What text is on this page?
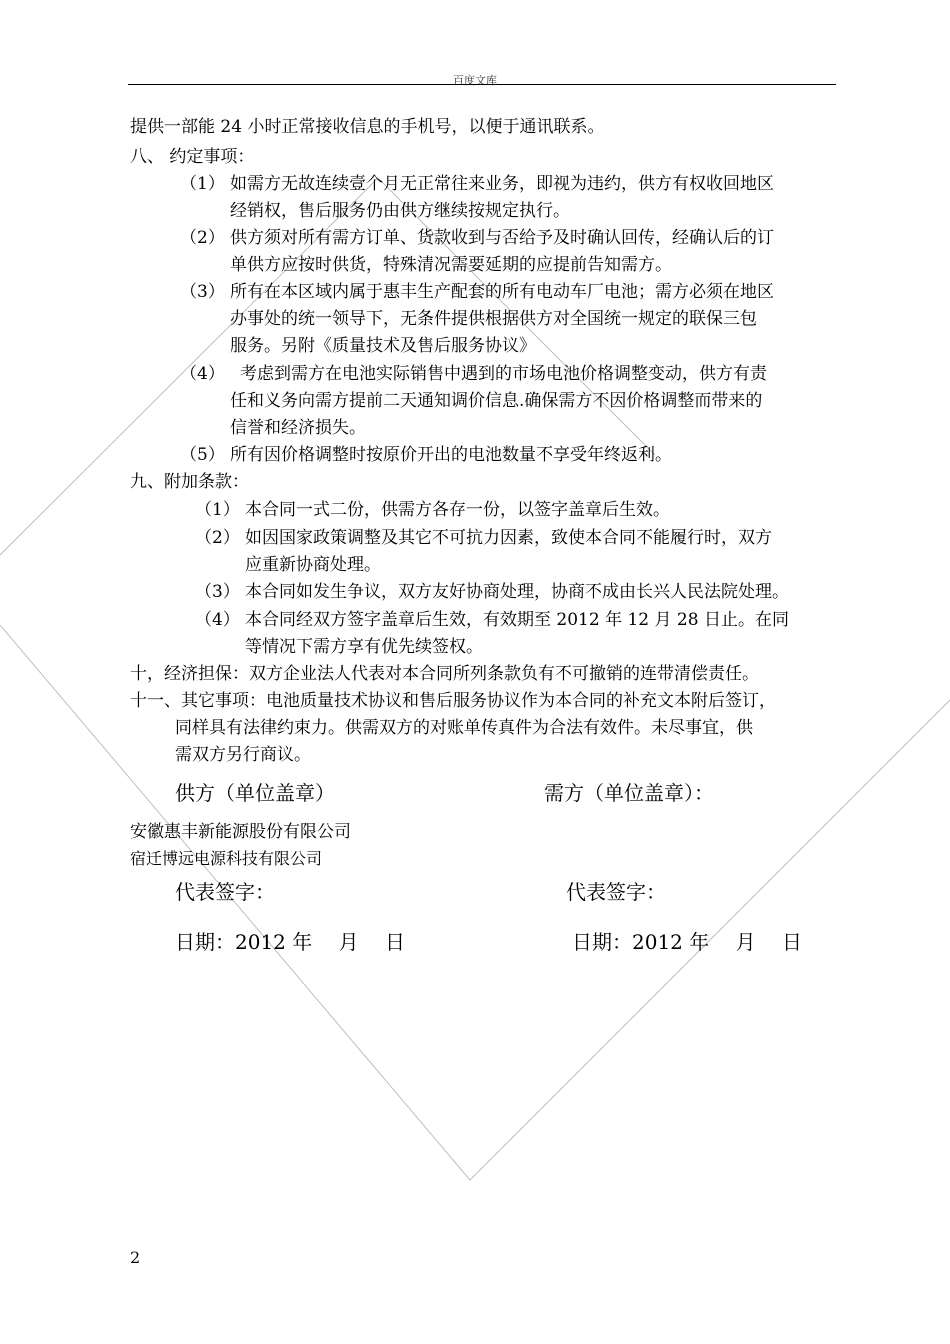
百度文库
提供一部能 24 小时正常接收信息的手机号，以便于通讯联系。
八、 约定事项：
（1） 如需方无故连续壹个月无正常往来业务，即视为违约，供方有权收回地区
经销权，售后服务仍由供方继续按规定执行。
（2） 供方须对所有需方订单、货款收到与否给予及时确认回传，经确认后的订
单供方应按时供货，特殊清况需要延期的应提前告知需方。
（3） 所有在本区域内属于惠丰生产配套的所有电动车厂电池；需方必须在地区
办事处的统一领导下，无条件提供根据供方对全国统一规定的联保三包
服务。另附《质量技术及售后服务协议》
（4） 考虑到需方在电池实际销售中遇到的市场电池价格调整变动，供方有责
任和义务向需方提前二天通知调价信息.确保需方不因价格调整而带来的
信誉和经济损失。
（5） 所有因价格调整时按原价开出的电池数量不享受年终返利。
九、附加条款：
（1） 本合同一式二份，供需方各存一份，以签字盖章后生效。
（2） 如因国家政策调整及其它不可抗力因素，致使本合同不能履行时，双方
应重新协商处理。
（3） 本合同如发生争议，双方友好协商处理，协商不成由长兴人民法院处理。
（4） 本合同经双方签字盖章后生效，有效期至 2012 年 12 月 28 日止。在同
等情况下需方享有优先续签权。
十，经济担保：双方企业法人代表对本合同所列条款负有不可撤销的连带清偿责任。
十一、其它事项：电池质量技术协议和售后服务协议作为本合同的补充文本附后签订，
同样具有法律约束力。供需双方的对账单传真件为合法有效件。未尽事宜，供
需双方另行商议。
供方（单位盖章）	需方（单位盖章）：
安徽惠丰新能源股份有限公司
宿迁博远电源科技有限公司
代表签字：	代表签字：
日期：2012 年　 月　 日	日期：2012 年　 月　 日
2
